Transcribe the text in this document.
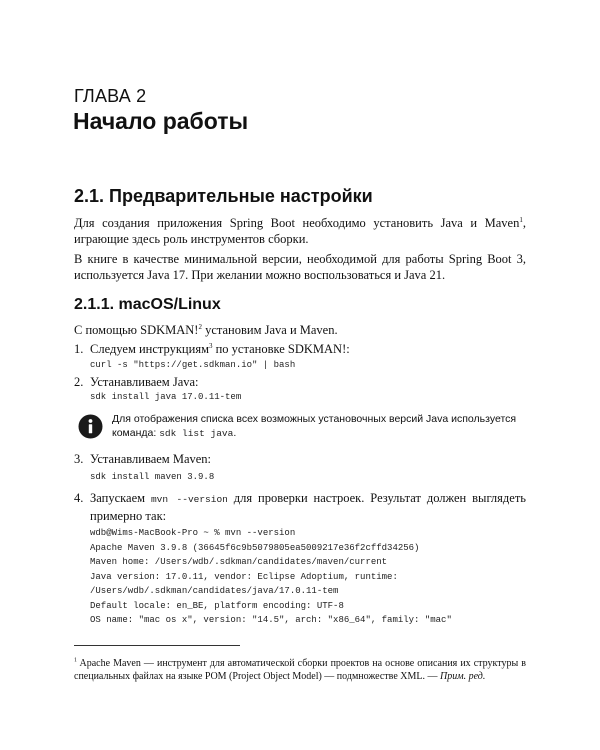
ГЛАВА 2
Начало работы
2.1. Предварительные настройки
Для создания приложения Spring Boot необходимо установить Java и Maven$^1$, играющие здесь роль инструментов сборки.
В книге в качестве минимальной версии, необходимой для работы Spring Boot 3, используется Java 17. При желании можно воспользоваться и Java 21.
2.1.1. macOS/Linux
С помощью SDKMAN!$^2$ установим Java и Maven.
1. Следуем инструкциям$^3$ по установке SDKMAN!:
curl -s "https://get.sdkman.io" | bash
2. Устанавливаем Java:
sdk install java 17.0.11-tem
Для отображения списка всех возможных установочных версий Java используется команда: sdk list java.
3. Устанавливаем Maven:
sdk install maven 3.9.8
4. Запускаем mvn --version для проверки настроек. Результат должен выглядеть примерно так:
wdb@Wims-MacBook-Pro ~ % mvn --version
Apache Maven 3.9.8 (36645f6c9b5079805ea5009217e36f2cffd34256)
Maven home: /Users/wdb/.sdkman/candidates/maven/current
Java version: 17.0.11, vendor: Eclipse Adoptium, runtime:
/Users/wdb/.sdkman/candidates/java/17.0.11-tem
Default locale: en_BE, platform encoding: UTF-8
OS name: "mac os x", version: "14.5", arch: "x86_64", family: "mac"
$^1$ Apache Maven — инструмент для автоматической сборки проектов на основе описания их структуры в специальных файлах на языке POM (Project Object Model) — подмножестве XML. — Прим. ред.
